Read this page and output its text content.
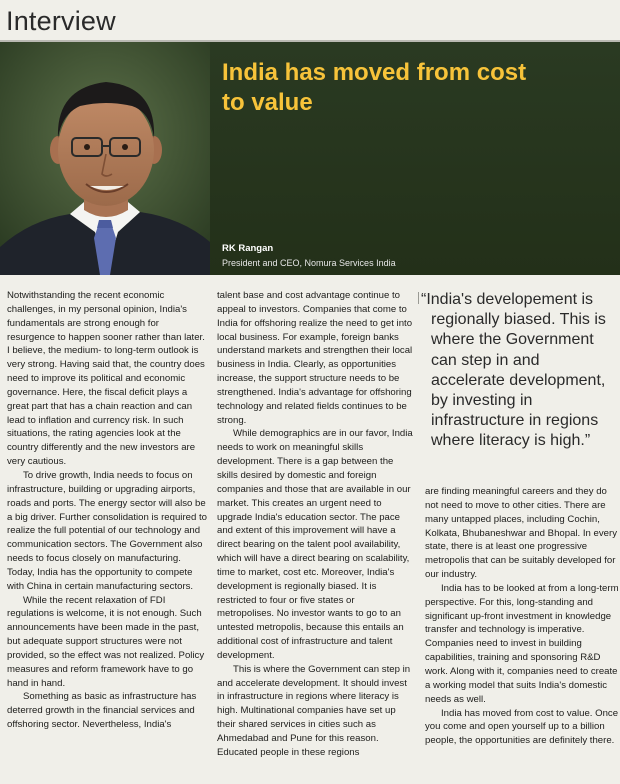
Interview
India has moved from cost
to value
RK Rangan
President and CEO, Nomura Services India

Notwithstanding the recent economic challenges, in my personal opinion, India's fundamentals are strong enough for resurgence to happen sooner rather than later. I believe, the medium- to long-term outlook is very strong. Having said that, the country does need to improve its political and economic governance. Here, the fiscal deficit plays a great part that has a chain reaction and can lead to inflation and currency risk. In such situations, the rating agencies look at the country differently and the new investors are very cautious.

To drive growth, India needs to focus on infrastructure, building or upgrading airports, roads and ports. The energy sector will also be a big driver. Further consolidation is required to realize the full potential of our technology and communication sectors. The Government also needs to focus closely on manufacturing. Today, India has the opportunity to compete with China in certain manufacturing sectors.

While the recent relaxation of FDI regulations is welcome, it is not enough. Such announcements have been made in the past, but adequate support structures were not provided, so the effect was not realized. Policy measures and reform framework have to go hand in hand.

Something as basic as infrastructure has deterred growth in the financial services and offshoring sector. Nevertheless, India's

talent base and cost advantage continue to appeal to investors. Companies that come to India for offshoring realize the need to get into local business. For example, foreign banks understand markets and strengthen their local business in India. Clearly, as opportunities increase, the support structure needs to be strengthened. India's advantage for offshoring technology and related fields continues to be strong.

While demographics are in our favor, India needs to work on meaningful skills development. There is a gap between the skills desired by domestic and foreign companies and those that are available in our market. This creates an urgent need to upgrade India's education sector. The pace and extent of this improvement will have a direct bearing on the talent pool availability, which will have a direct bearing on scalability, time to market, cost etc. Moreover, India's development is regionally biased. It is restricted to four or five states or metropolises. No investor wants to go to an untested metropolis, because this entails an additional cost of infrastructure and talent development.

This is where the Government can step in and accelerate development. It should invest in infrastructure in regions where literacy is high. Multinational companies have set up their shared services in cities such as Ahmedabad and Pune for this reason. Educated people in these regions

“India's developement is
regionally biased. This is
where the Government
can step in and
accelerate development,
by investing in
infrastructure in regions
where literacy is high.”

are finding meaningful careers and they do not need to move to other cities. There are many untapped places, including Cochin, Kolkata, Bhubaneshwar and Bhopal. In every state, there is at least one progressive metropolis that can be suitably developed for our industry.

India has to be looked at from a long-term perspective. For this, long-standing and significant up-front investment in knowledge transfer and technology is imperative. Companies need to invest in building capabilities, training and sponsoring R&D work. Along with it, companies need to create a working model that suits India's domestic needs as well.

India has moved from cost to value. Once you come and open yourself up to a billion people, the opportunities are definitely there.
